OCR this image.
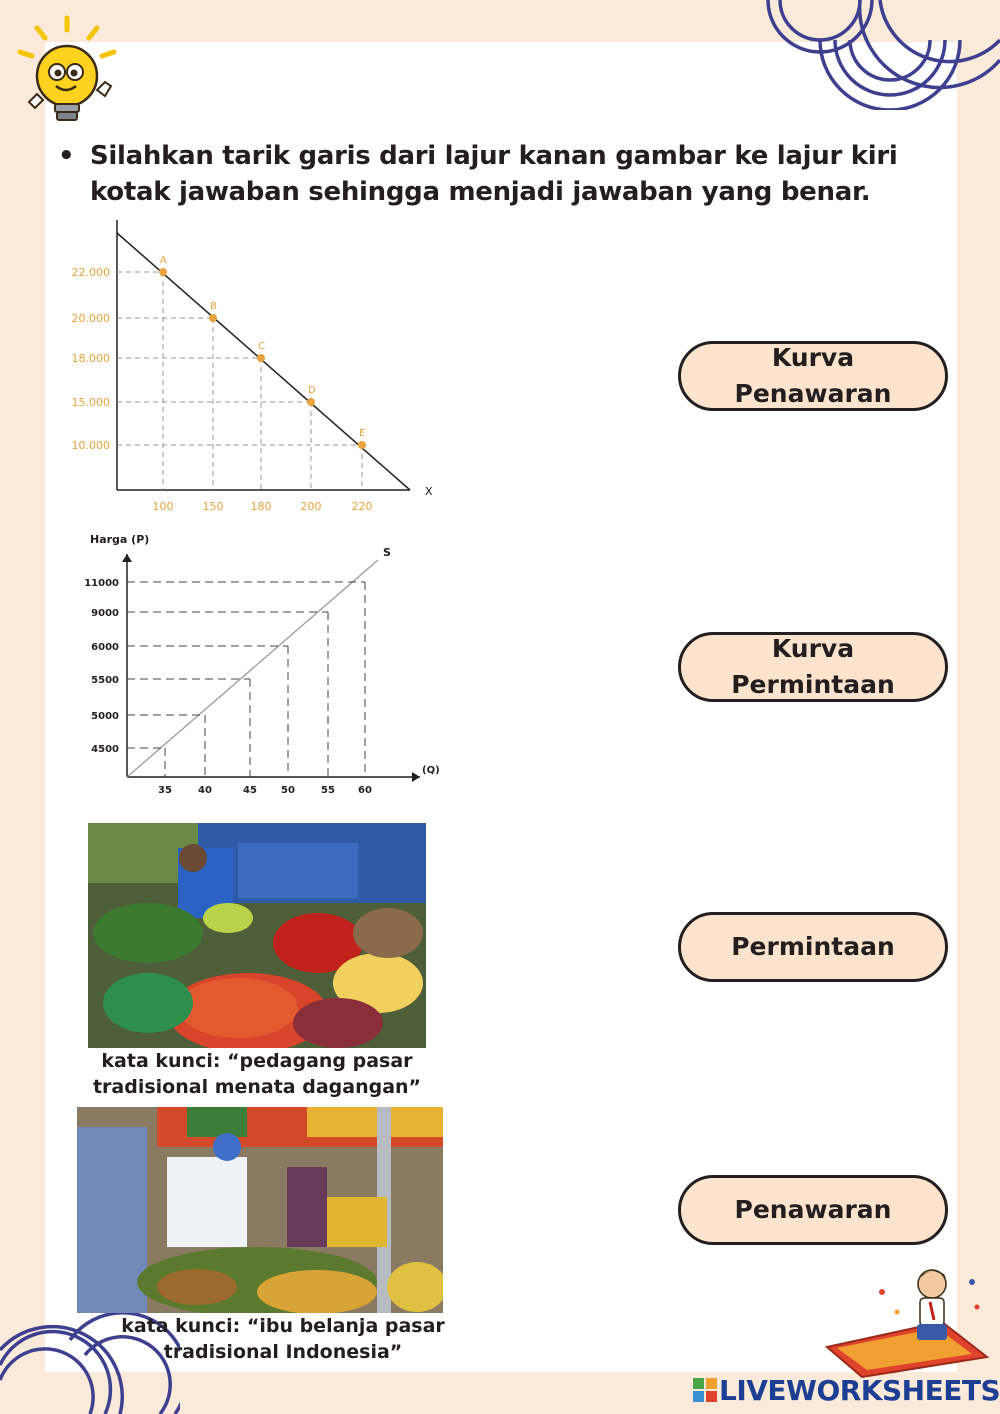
• Silahkan tarik garis dari lajur kanan gambar ke lajur kiri kotak jawaban sehingga menjadi jawaban yang benar.
X
A
100
22.000
B
150
20.000
C
180
18.000
D
200
15.000
E
220
10.000
Harga (P)
(Q)
S
35	40	45 50	55 60
11000
9000
6000
5500
5000
4500
kata kunci: “pedagang pasar tradisional menata dagangan”
kata kunci: “ibu belanja pasar tradisional Indonesia”
Kurva Penawaran
Kurva Permintaan
Permintaan
Penawaran
LIVEWORKSHEETS
